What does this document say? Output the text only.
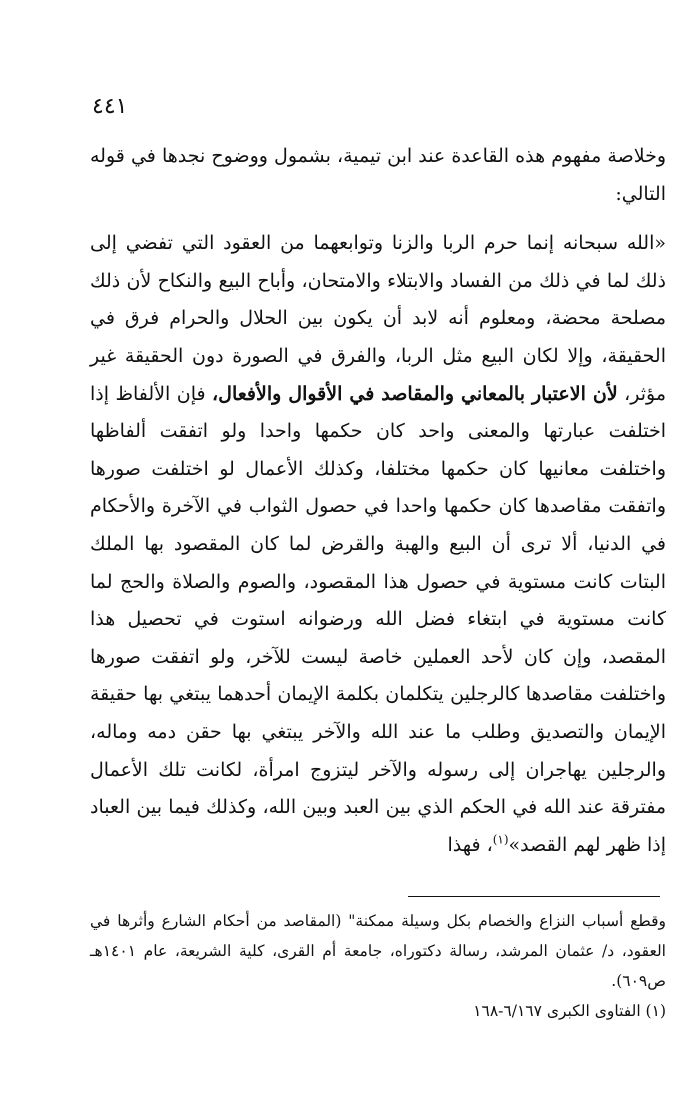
٤٤١

وخلاصة مفهوم هذه القاعدة عند ابن تيمية، بشمول ووضوح نجدها في قوله التالي:

«الله سبحانه إنما حرم الربا والزنا وتوابعهما من العقود التي تفضي إلى ذلك لما في ذلك من الفساد والابتلاء والامتحان، وأباح البيع والنكاح لأن ذلك مصلحة محضة، ومعلوم أنه لابد أن يكون بين الحلال والحرام فرق في الحقيقة، وإلا لكان البيع مثل الربا، والفرق في الصورة دون الحقيقة غير مؤثر، لأن الاعتبار بالمعاني والمقاصد في الأقوال والأفعال، فإن الألفاظ إذا اختلفت عبارتها والمعنى واحد كان حكمها واحدا ولو اتفقت ألفاظها واختلفت معانيها كان حكمها مختلفا، وكذلك الأعمال لو اختلفت صورها واتفقت مقاصدها كان حكمها واحدا في حصول الثواب في الآخرة والأحكام في الدنيا، ألا ترى أن البيع والهبة والقرض لما كان المقصود بها الملك البتات كانت مستوية في حصول هذا المقصود، والصوم والصلاة والحج لما كانت مستوية في ابتغاء فضل الله ورضوانه استوت في تحصيل هذا المقصد، وإن كان لأحد العملين خاصة ليست للآخر، ولو اتفقت صورها واختلفت مقاصدها كالرجلين يتكلمان بكلمة الإيمان أحدهما يبتغي بها حقيقة الإيمان والتصديق وطلب ما عند الله والآخر يبتغي بها حقن دمه وماله، والرجلين يهاجران إلى رسوله والآخر ليتزوج امرأة، لكانت تلك الأعمال مفترقة عند الله في الحكم الذي بين العبد وبين الله، وكذلك فيما بين العباد إذا ظهر لهم القصد»$^{(١)}$، فهذا

وقطع أسباب النزاع والخصام بكل وسيلة ممكنة" (المقاصد من أحكام الشارع وأثرها في العقود، د/ عثمان المرشد، رسالة دكتوراه، جامعة أم القرى، كلية الشريعة، عام ١٤٠١هـ ص٦٠٩).

(١) الفتاوى الكبرى ٦/١٦٧-١٦٨
